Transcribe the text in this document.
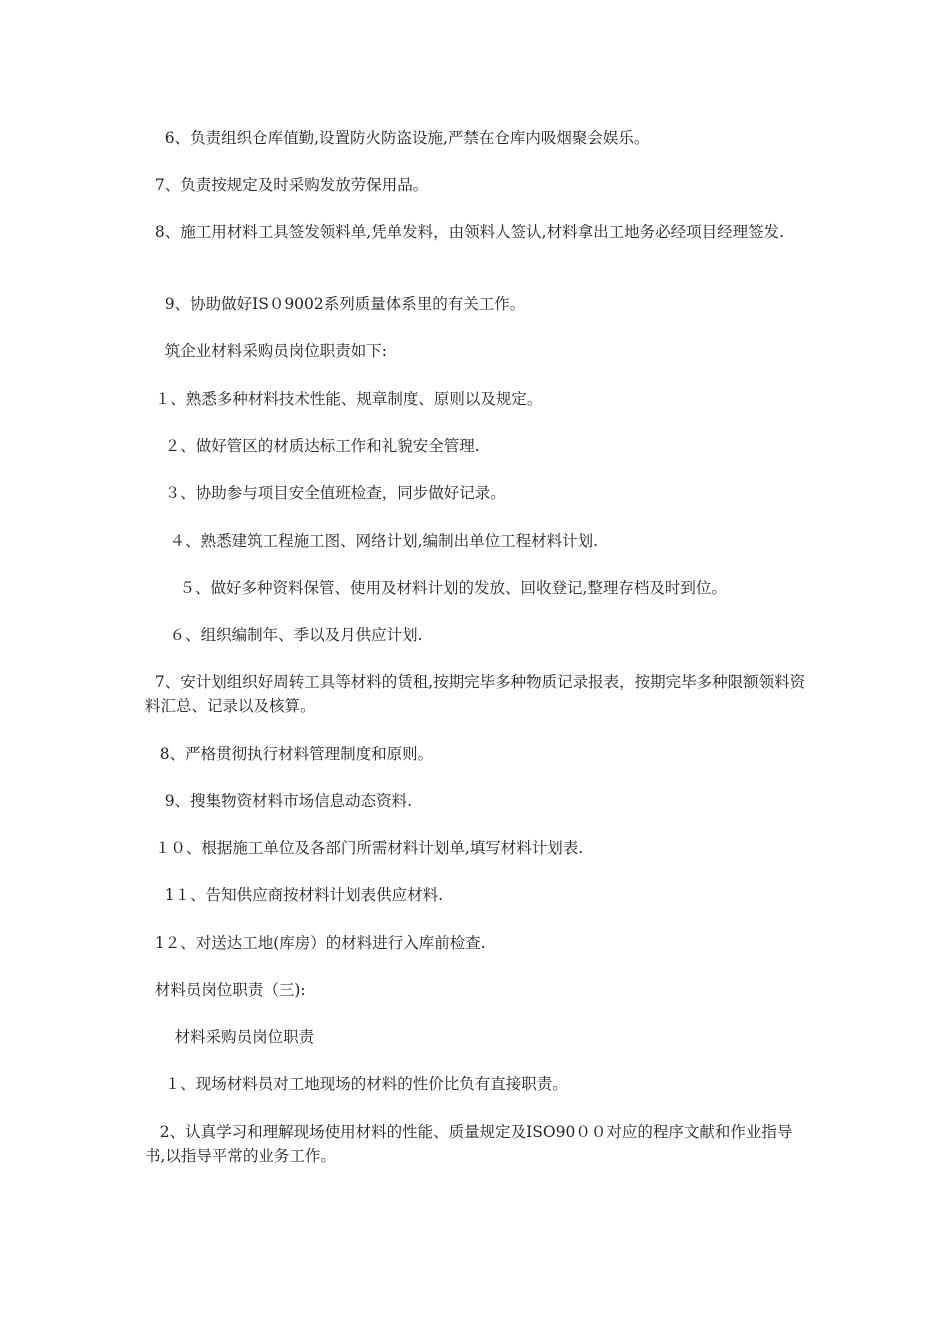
6、负责组织仓库值勤,设置防火防盗设施,严禁在仓库内吸烟聚会娱乐。

7、负责按规定及时采购发放劳保用品。

8、施工用材料工具签发领料单,凭单发料，由领料人签认,材料拿出工地务必经项目经理签发.

9、协助做好IS０9002系列质量体系里的有关工作。

筑企业材料采购员岗位职责如下:

１、熟悉多种材料技术性能、规章制度、原则以及规定。

２、做好管区的材质达标工作和礼貌安全管理.

３、协助参与项目安全值班检查，同步做好记录。

４、熟悉建筑工程施工图、网络计划,编制出单位工程材料计划.

５、做好多种资料保管、使用及材料计划的发放、回收登记,整理存档及时到位。

６、组织编制年、季以及月供应计划.

7、安计划组织好周转工具等材料的赁租,按期完毕多种物质记录报表，按期完毕多种限额领料资料汇总、记录以及核算。

8、严格贯彻执行材料管理制度和原则。

9、搜集物资材料市场信息动态资料.

１０、根据施工单位及各部门所需材料计划单,填写材料计划表.

1１、告知供应商按材料计划表供应材料.

1２、对送达工地(库房）的材料进行入库前检查.

材料员岗位职责（三):

材料采购员岗位职责

１、现场材料员对工地现场的材料的性价比负有直接职责。

2、认真学习和理解现场使用材料的性能、质量规定及ISO90００对应的程序文献和作业指导书,以指导平常的业务工作。
